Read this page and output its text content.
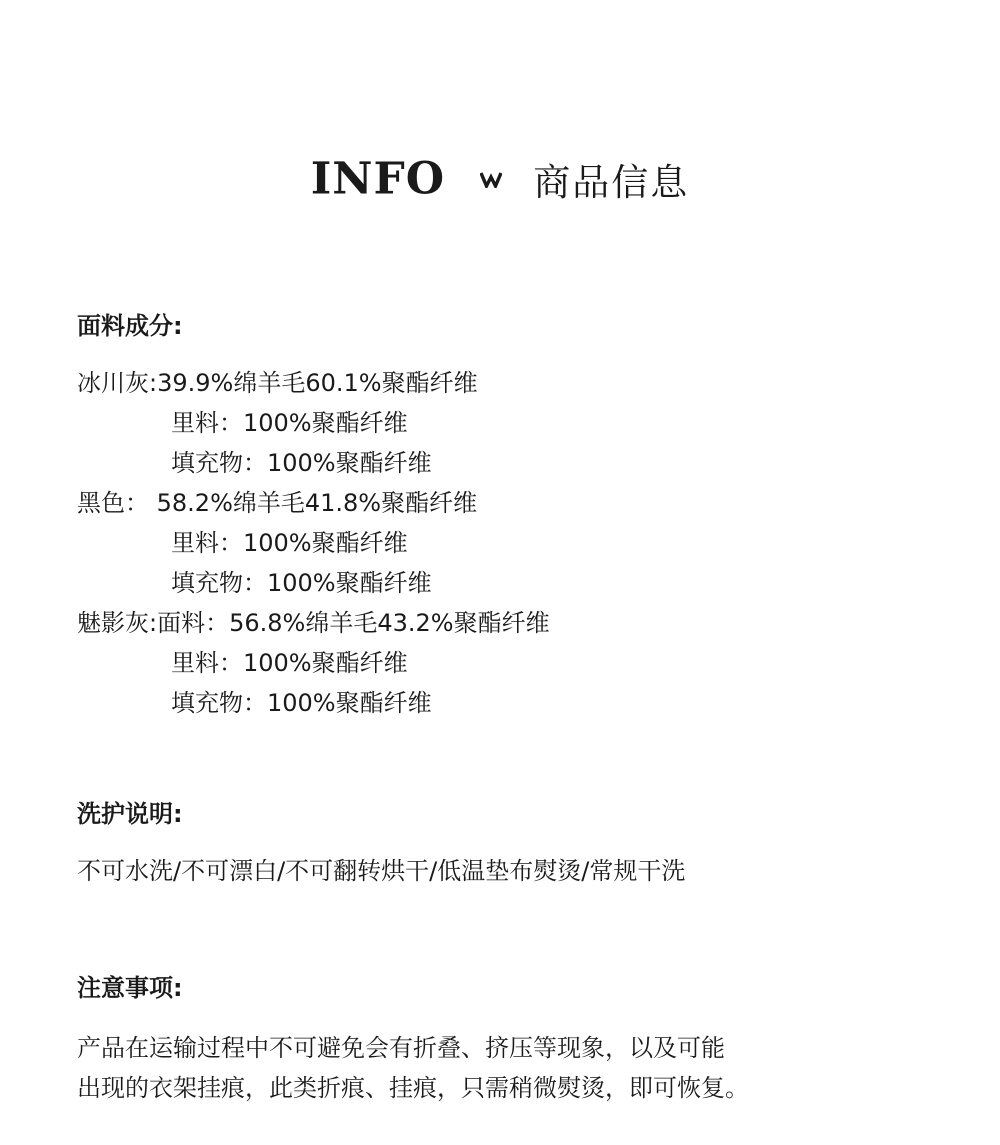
INFO 商品信息
面料成分:
冰川灰:39.9%绵羊毛60.1%聚酯纤维
里料：100%聚酯纤维
填充物：100%聚酯纤维
黑色： 58.2%绵羊毛41.8%聚酯纤维
里料：100%聚酯纤维
填充物：100%聚酯纤维
魅影灰:面料：56.8%绵羊毛43.2%聚酯纤维
里料：100%聚酯纤维
填充物：100%聚酯纤维
洗护说明:
不可水洗/不可漂白/不可翻转烘干/低温垫布熨烫/常规干洗
注意事项:
产品在运输过程中不可避免会有折叠、挤压等现象，以及可能
出现的衣架挂痕，此类折痕、挂痕，只需稍微熨烫，即可恢复。
